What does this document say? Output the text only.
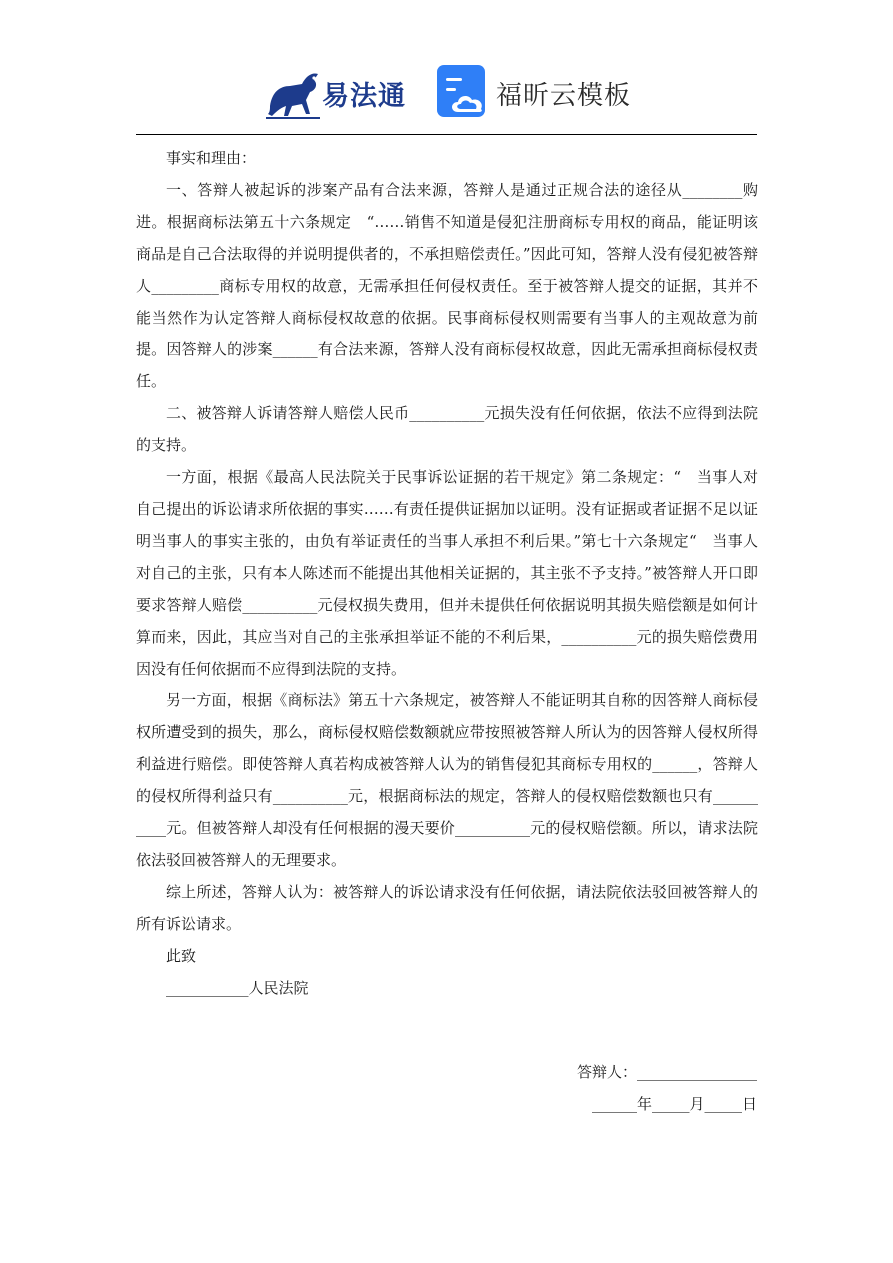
易法通	福昕云模板

事实和理由：

一、答辩人被起诉的涉案产品有合法来源，答辩人是通过正规合法的途径从________购进。根据商标法第五十六条规定　“……销售不知道是侵犯注册商标专用权的商品，能证明该商品是自己合法取得的并说明提供者的，不承担赔偿责任。”因此可知，答辩人没有侵犯被答辩人_________商标专用权的故意，无需承担任何侵权责任。至于被答辩人提交的证据，其并不能当然作为认定答辩人商标侵权故意的依据。民事商标侵权则需要有当事人的主观故意为前提。因答辩人的涉案______有合法来源，答辩人没有商标侵权故意，因此无需承担商标侵权责任。

二、被答辩人诉请答辩人赔偿人民币__________元损失没有任何依据，依法不应得到法院的支持。

一方面，根据《最高人民法院关于民事诉讼证据的若干规定》第二条规定：“　当事人对自己提出的诉讼请求所依据的事实……有责任提供证据加以证明。没有证据或者证据不足以证明当事人的事实主张的，由负有举证责任的当事人承担不利后果。”第七十六条规定“　当事人对自己的主张，只有本人陈述而不能提出其他相关证据的，其主张不予支持。”被答辩人开口即要求答辩人赔偿__________元侵权损失费用，但并未提供任何依据说明其损失赔偿额是如何计算而来，因此，其应当对自己的主张承担举证不能的不利后果，__________元的损失赔偿费用因没有任何依据而不应得到法院的支持。

另一方面，根据《商标法》第五十六条规定，被答辩人不能证明其自称的因答辩人商标侵权所遭受到的损失，那么，商标侵权赔偿数额就应带按照被答辩人所认为的因答辩人侵权所得利益进行赔偿。即使答辩人真若构成被答辩人认为的销售侵犯其商标专用权的______，答辩人的侵权所得利益只有__________元，根据商标法的规定，答辩人的侵权赔偿数额也只有__________元。但被答辩人却没有任何根据的漫天要价__________元的侵权赔偿额。所以，请求法院依法驳回被答辩人的无理要求。

综上所述，答辩人认为：被答辩人的诉讼请求没有任何依据，请法院依法驳回被答辩人的所有诉讼请求。

此致

___________人民法院

答辩人：________________
______年_____月_____日
